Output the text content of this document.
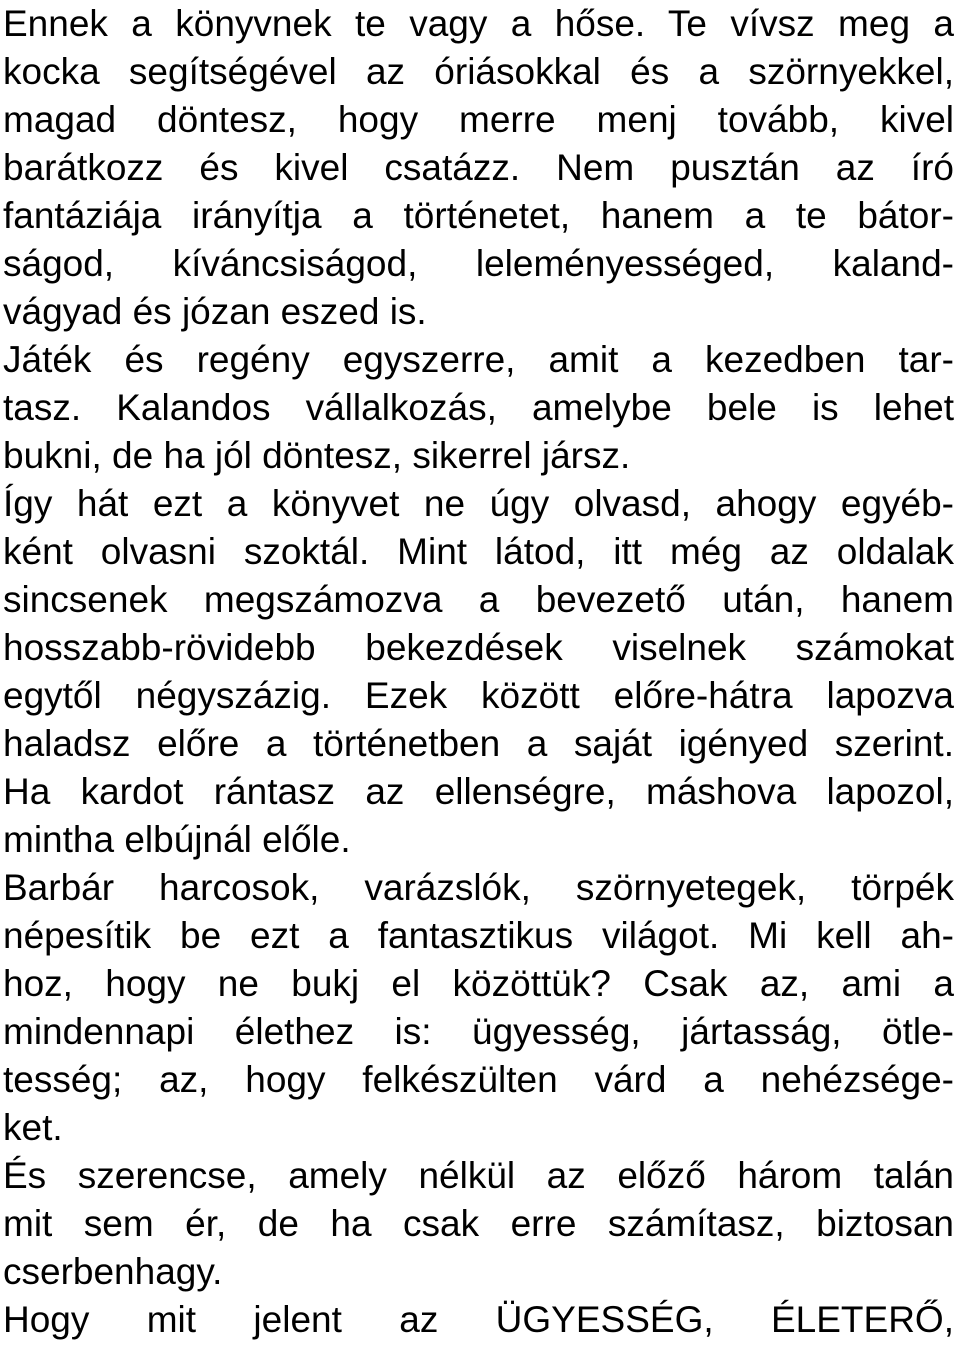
Ennek a könyvnek te vagy a hőse. Te vívsz meg a
kocka segítségével az óriásokkal és a szörnyekkel,
magad döntesz, hogy merre menj tovább, kivel
barátkozz és kivel csatázz. Nem pusztán az író
fantáziája irányítja a történetet, hanem a te bátor-
ságod, kíváncsiságod, leleményességed, kaland-
vágyad és józan eszed is.
Játék és regény egyszerre, amit a kezedben tar-
tasz. Kalandos vállalkozás, amelybe bele is lehet
bukni, de ha jól döntesz, sikerrel jársz.
Így hát ezt a könyvet ne úgy olvasd, ahogy egyéb-
ként olvasni szoktál. Mint látod, itt még az oldalak
sincsenek megszámozva a bevezető után, hanem
hosszabb-rövidebb bekezdések viselnek számokat
egytől négyszázig. Ezek között előre-hátra lapozva
haladsz előre a történetben a saját igényed szerint.
Ha kardot rántasz az ellenségre, máshova lapozol,
mintha elbújnál előle.
Barbár harcosok, varázslók, szörnyetegek, törpék
népesítik be ezt a fantasztikus világot. Mi kell ah-
hoz, hogy ne bukj el közöttük? Csak az, ami a
mindennapi élethez is: ügyesség, jártasság, ötle-
tesség; az, hogy felkészülten várd a nehézsége-
ket.
És szerencse, amely nélkül az előző három talán
mit sem ér, de ha csak erre számítasz, biztosan
cserbenhagy.
Hogy mit jelent az ÜGYESSÉG, ÉLETERŐ,
